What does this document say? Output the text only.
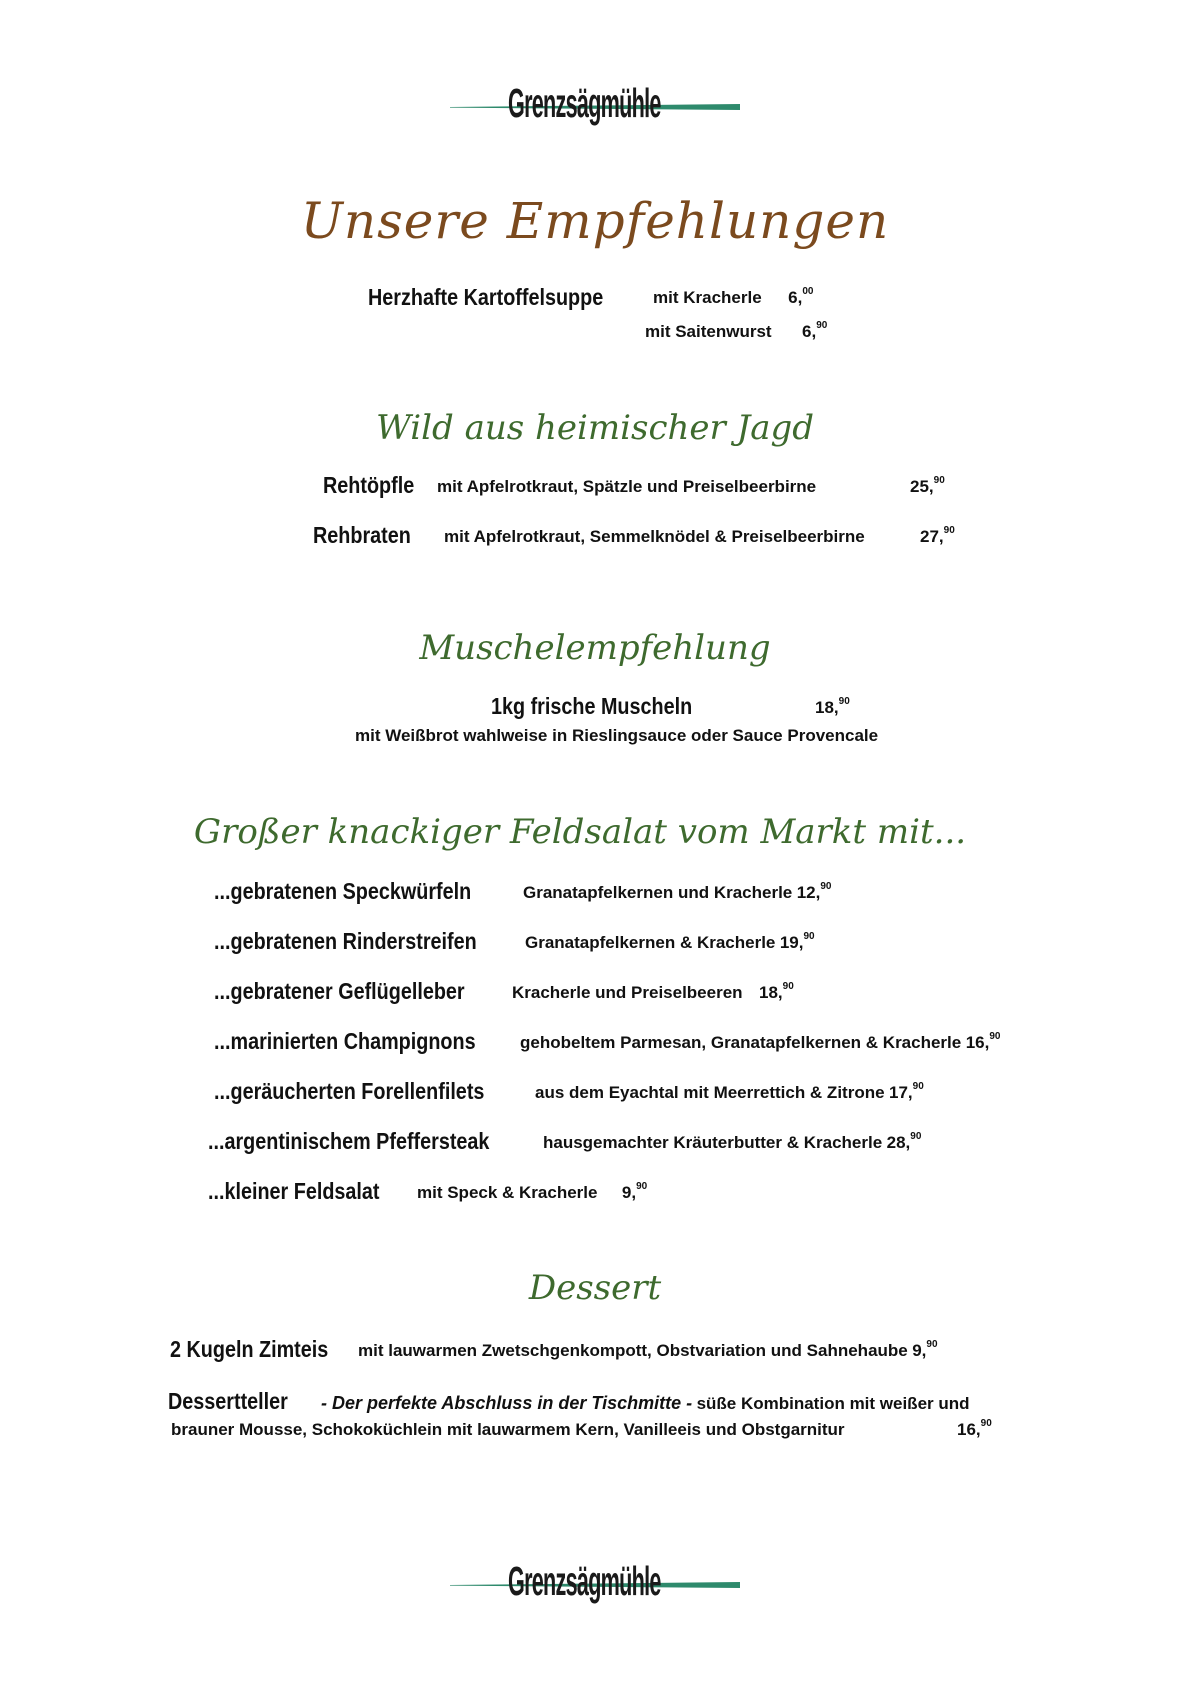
Grenzsägmühle
Unsere Empfehlungen
Herzhafte Kartoffelsuppe	mit Kracherle 6,00
mit Saitenwurst 6,90
Wild aus heimischer Jagd
Rehtöpfle	mit Apfelrotkraut, Spätzle und Preiselbeerbirne	25,90
Rehbraten	mit Apfelrotkraut, Semmelknödel & Preiselbeerbirne	27,90
Muschelempfehlung
1kg frische Muscheln	18,90
mit Weißbrot wahlweise in Rieslingsauce oder Sauce Provencale
Großer knackiger Feldsalat vom Markt mit...
...gebratenen Speckwürfeln	Granatapfelkernen und Kracherle 12,90
...gebratenen Rinderstreifen	Granatapfelkernen & Kracherle 19,90
...gebratener Geflügelleber	Kracherle und Preiselbeeren 18,90
...marinierten Champignons	gehobeltem Parmesan, Granatapfelkernen & Kracherle 16,90
...geräucherten Forellenfilets	aus dem Eyachtal mit Meerrettich & Zitrone 17,90
...argentinischem Pfeffersteak	hausgemachter Kräuterbutter & Kracherle 28,90
...kleiner Feldsalat	mit Speck & Kracherle 9,90
Dessert
2 Kugeln Zimteis	mit lauwarmen Zwetschgenkompott, Obstvariation und Sahnehaube 9,90
Dessertteller	- Der perfekte Abschluss in der Tischmitte - süße Kombination mit weißer und
brauner Mousse, Schokoküchlein mit lauwarmem Kern, Vanilleeis und Obstgarnitur	16,90
Grenzsägmühle
